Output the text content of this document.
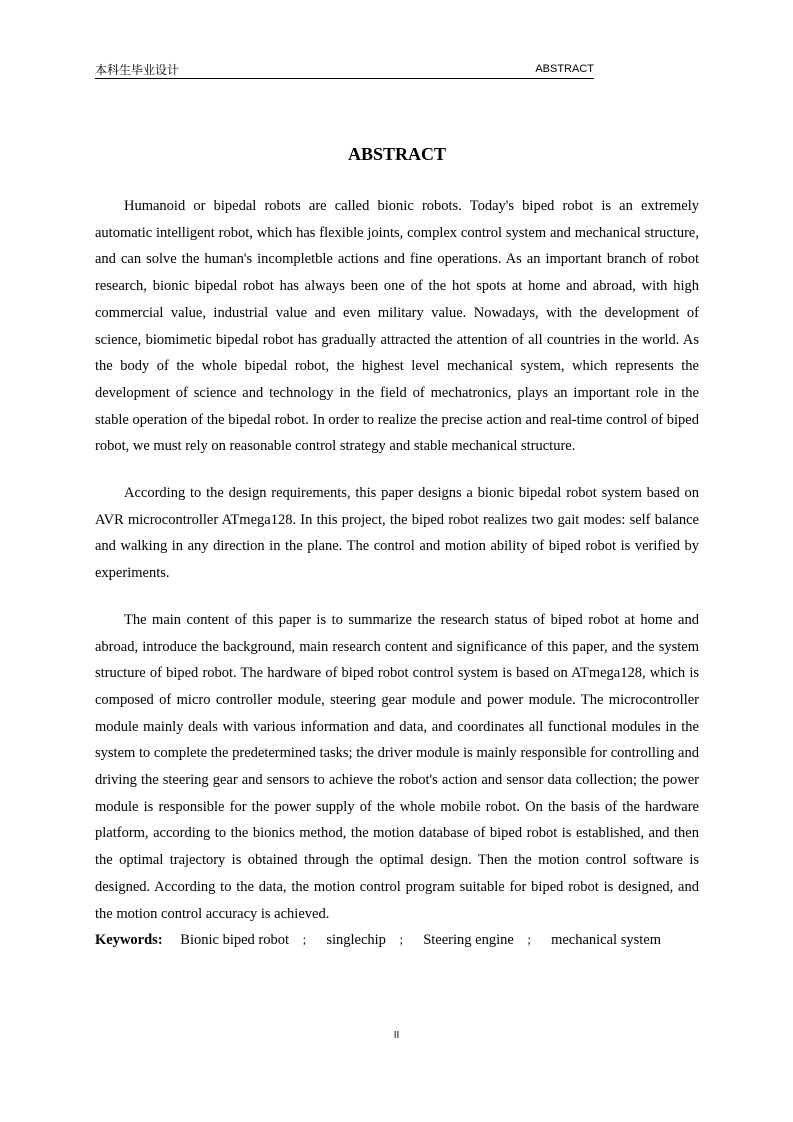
本科生毕业设计	ABSTRACT
ABSTRACT

Humanoid or bipedal robots are called bionic robots. Today's biped robot is an extremely automatic intelligent robot, which has flexible joints, complex control system and mechanical structure, and can solve the human's incompletble actions and fine operations. As an important branch of robot research, bionic bipedal robot has always been one of the hot spots at home and abroad, with high commercial value, industrial value and even military value. Nowadays, with the development of science, biomimetic bipedal robot has gradually attracted the attention of all countries in the world. As the body of the whole bipedal robot, the highest level mechanical system, which represents the development of science and technology in the field of mechatronics, plays an important role in the stable operation of the bipedal robot. In order to realize the precise action and real-time control of biped robot, we must rely on reasonable control strategy and stable mechanical structure.

According to the design requirements, this paper designs a bionic bipedal robot system based on AVR microcontroller ATmega128. In this project, the biped robot realizes two gait modes: self balance and walking in any direction in the plane. The control and motion ability of biped robot is verified by experiments.

The main content of this paper is to summarize the research status of biped robot at home and abroad, introduce the background, main research content and significance of this paper, and the system structure of biped robot. The hardware of biped robot control system is based on ATmega128, which is composed of micro controller module, steering gear module and power module. The microcontroller module mainly deals with various information and data, and coordinates all functional modules in the system to complete the predetermined tasks; the driver module is mainly responsible for controlling and driving the steering gear and sensors to achieve the robot's action and sensor data collection; the power module is responsible for the power supply of the whole mobile robot. On the basis of the hardware platform, according to the bionics method, the motion database of biped robot is established, and then the optimal trajectory is obtained through the optimal design. Then the motion control software is designed. According to the data, the motion control program suitable for biped robot is designed, and the motion control accuracy is achieved.

Keywords: Bionic biped robot ； singlechip ； Steering engine ； mechanical system
II
